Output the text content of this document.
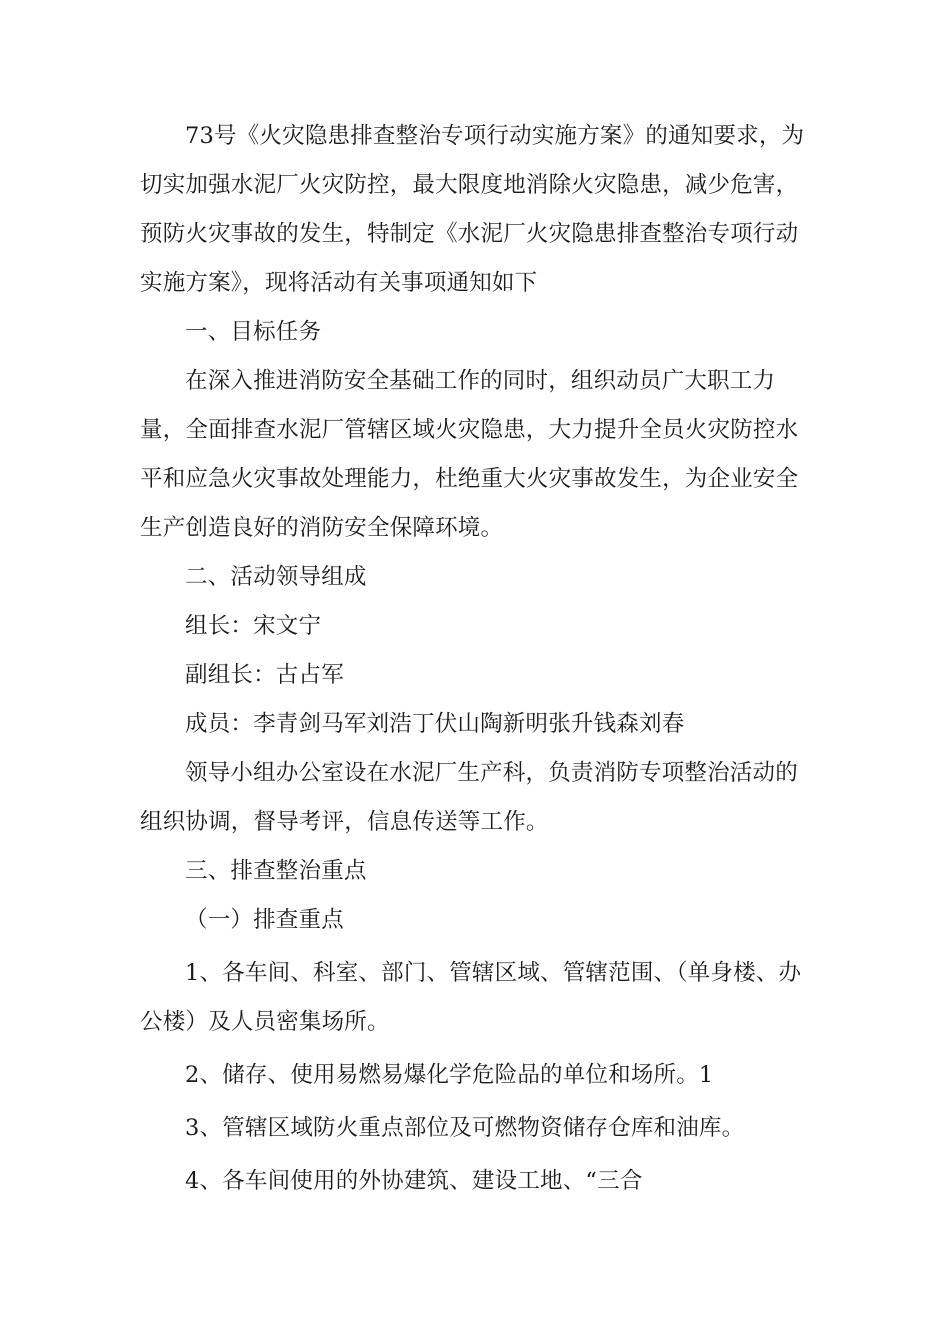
73号《火灾隐患排查整治专项行动实施方案》的通知要求，为切实加强水泥厂火灾防控，最大限度地消除火灾隐患，减少危害，预防火灾事故的发生，特制定《水泥厂火灾隐患排查整治专项行动实施方案》，现将活动有关事项通知如下

一、目标任务

在深入推进消防安全基础工作的同时，组织动员广大职工力量，全面排查水泥厂管辖区域火灾隐患，大力提升全员火灾防控水平和应急火灾事故处理能力，杜绝重大火灾事故发生，为企业安全生产创造良好的消防安全保障环境。

二、活动领导组成

组长：宋文宁

副组长：古占军

成员：李青剑马军刘浩丁伏山陶新明张升钱森刘春

领导小组办公室设在水泥厂生产科，负责消防专项整治活动的组织协调，督导考评，信息传送等工作。

三、排查整治重点

（一）排查重点

1、各车间、科室、部门、管辖区域、管辖范围、（单身楼、办公楼）及人员密集场所。

2、储存、使用易燃易爆化学危险品的单位和场所。1

3、管辖区域防火重点部位及可燃物资储存仓库和油库。

4、各车间使用的外协建筑、建设工地、“三合
